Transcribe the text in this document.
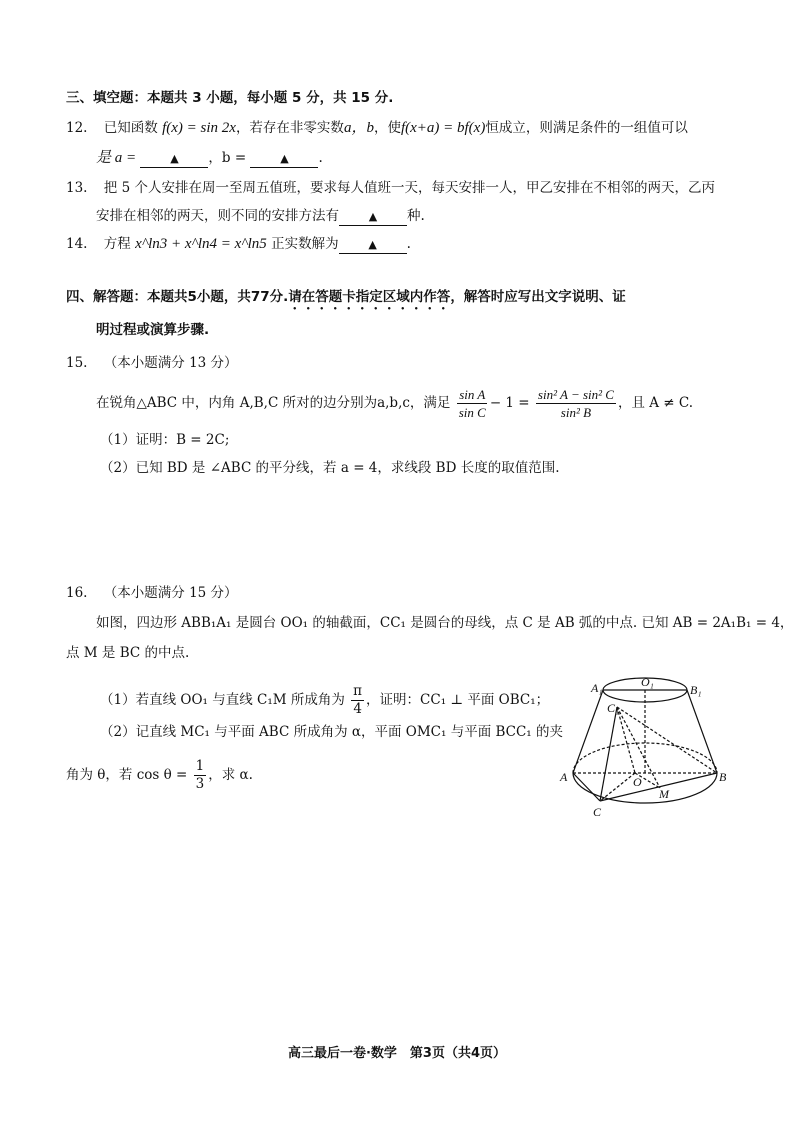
三、填空题：本题共 3 小题，每小题 5 分，共 15 分.
12. 已知函数 f(x) = sin 2x，若存在非零实数a，b，使f(x+a) = bf(x)恒成立，则满足条件的一组值可以
是 a =	▲ ，b =	▲ .
13. 把 5 个人安排在周一至周五值班，要求每人值班一天，每天安排一人，甲乙安排在不相邻的两天，乙丙
安排在相邻的两天，则不同的安排方法有	▲ 种.
14. 方程 x^ln3 + x^ln4 = x^ln5 正实数解为	▲ .
四、解答题：本题共5小题，共77分.请在答题卡指定区域内作答，解答时应写出文字说明、证
明过程或演算步骤.
15. （本小题满分 13 分）
在锐角△ABC 中，内角 A,B,C 所对的边分别为a,b,c，满足 $\frac{\text{sin A}}{\text{sin C}} - 1 = \frac{\text{sin² A − sin² C}}{\text{sin² B}}$ ，且 A ≠ C.
（1）证明：B = 2C;
（2）已知 BD 是 ∠ABC 的平分线，若 a = 4，求线段 BD 长度的取值范围.
16. （本小题满分 15 分）
如图，四边形 ABB₁A₁ 是圆台 OO₁ 的轴截面，CC₁ 是圆台的母线，点 C 是 AB 弧的中点. 已知 AB = 2A₁B₁ = 4，
点 M 是 BC 的中点.
（1）若直线 OO₁ 与直线 C₁M 所成角为 $\frac{\pi}{4}$ ，证明：CC₁ ⊥ 平面 OBC₁；
（2）记直线 MC₁ 与平面 ABC 所成角为 α，平面 OMC₁ 与平面 BCC₁ 的夹
角为 θ，若 $\cos \theta = \frac{1}{3}$ ，求 α.
A₁	O₁
B₁
C₁
A	O
M
B
C
高三最后一卷·数学　第3页（共4页）
